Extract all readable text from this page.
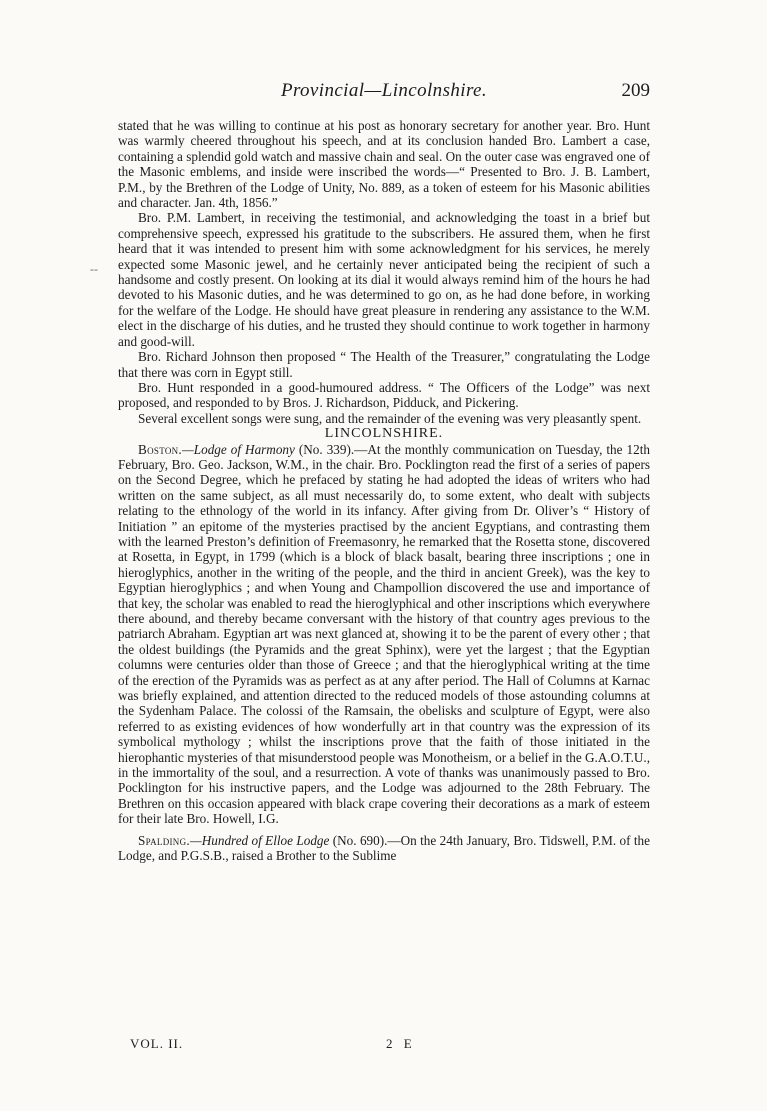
Provincial—Lincolnshire.	209
--

stated that he was willing to continue at his post as honorary secretary for another year. Bro. Hunt was warmly cheered throughout his speech, and at its conclusion handed Bro. Lambert a case, containing a splendid gold watch and massive chain and seal. On the outer case was engraved one of the Masonic emblems, and inside were inscribed the words—“ Presented to Bro. J. B. Lambert, P.M., by the Brethren of the Lodge of Unity, No. 889, as a token of esteem for his Masonic abilities and character. Jan. 4th, 1856.”

Bro. P.M. Lambert, in receiving the testimonial, and acknowledging the toast in a brief but comprehensive speech, expressed his gratitude to the subscribers. He assured them, when he first heard that it was intended to present him with some acknowledgment for his services, he merely expected some Masonic jewel, and he certainly never anticipated being the recipient of such a handsome and costly present. On looking at its dial it would always remind him of the hours he had devoted to his Masonic duties, and he was determined to go on, as he had done before, in working for the welfare of the Lodge. He should have great pleasure in rendering any assistance to the W.M. elect in the discharge of his duties, and he trusted they should continue to work together in harmony and good-will.

Bro. Richard Johnson then proposed “ The Health of the Treasurer,” congratulating the Lodge that there was corn in Egypt still.

Bro. Hunt responded in a good-humoured address. “ The Officers of the Lodge” was next proposed, and responded to by Bros. J. Richardson, Pidduck, and Pickering.

Several excellent songs were sung, and the remainder of the evening was very pleasantly spent.

LINCOLNSHIRE.

Boston.—Lodge of Harmony (No. 339).—At the monthly communication on Tuesday, the 12th February, Bro. Geo. Jackson, W.M., in the chair. Bro. Pocklington read the first of a series of papers on the Second Degree, which he prefaced by stating he had adopted the ideas of writers who had written on the same subject, as all must necessarily do, to some extent, who dealt with subjects relating to the ethnology of the world in its infancy. After giving from Dr. Oliver’s “ History of Initiation ” an epitome of the mysteries practised by the ancient Egyptians, and contrasting them with the learned Preston’s definition of Freemasonry, he remarked that the Rosetta stone, discovered at Rosetta, in Egypt, in 1799 (which is a block of black basalt, bearing three inscriptions ; one in hieroglyphics, another in the writing of the people, and the third in ancient Greek), was the key to Egyptian hieroglyphics ; and when Young and Champollion discovered the use and importance of that key, the scholar was enabled to read the hieroglyphical and other inscriptions which everywhere there abound, and thereby became conversant with the history of that country ages previous to the patriarch Abraham. Egyptian art was next glanced at, showing it to be the parent of every other ; that the oldest buildings (the Pyramids and the great Sphinx), were yet the largest ; that the Egyptian columns were centuries older than those of Greece ; and that the hieroglyphical writing at the time of the erection of the Pyramids was as perfect as at any after period. The Hall of Columns at Karnac was briefly explained, and attention directed to the reduced models of those astounding columns at the Sydenham Palace. The colossi of the Ramsain, the obelisks and sculpture of Egypt, were also referred to as existing evidences of how wonderfully art in that country was the expression of its symbolical mythology ; whilst the inscriptions prove that the faith of those initiated in the hierophantic mysteries of that misunderstood people was Monotheism, or a belief in the G.A.O.T.U., in the immortality of the soul, and a resurrection. A vote of thanks was unanimously passed to Bro. Pocklington for his instructive papers, and the Lodge was adjourned to the 28th February. The Brethren on this occasion appeared with black crape covering their decorations as a mark of esteem for their late Bro. Howell, I.G.

Spalding.—Hundred of Elloe Lodge (No. 690).—On the 24th January, Bro. Tidswell, P.M. of the Lodge, and P.G.S.B., raised a Brother to the Sublime

VOL. II.	2 E
